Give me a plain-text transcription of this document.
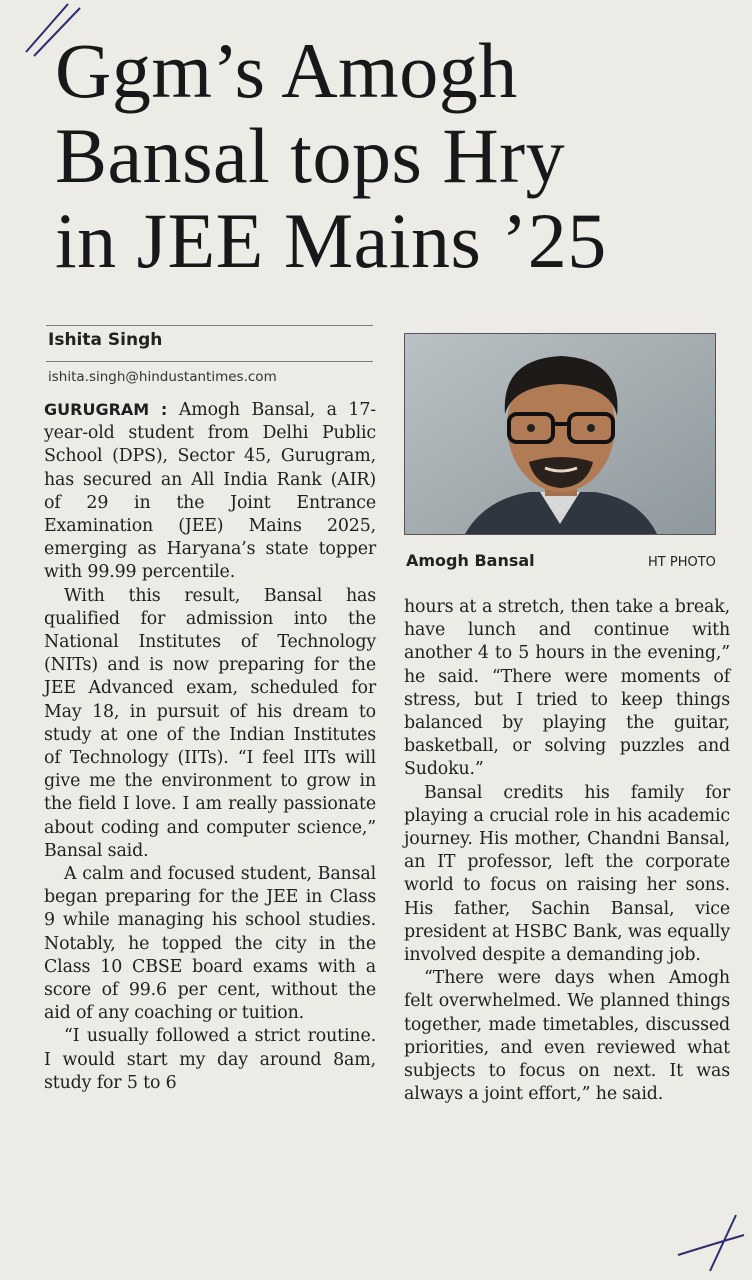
Ggm’s Amogh
Bansal tops Hry
in JEE Mains ’25
Ishita Singh
ishita.singh@hindustantimes.com
Amogh Bansal	HT PHOTO

GURUGRAM : Amogh Bansal, a 17-year-old student from Delhi Public School (DPS), Sector 45, Gurugram, has secured an All India Rank (AIR) of 29 in the Joint Entrance Examination (JEE) Mains 2025, emerging as Haryana’s state topper with 99.99 percentile.

With this result, Bansal has qualified for admission into the National Institutes of Technology (NITs) and is now preparing for the JEE Advanced exam, scheduled for May 18, in pursuit of his dream to study at one of the Indian Institutes of Technology (IITs). “I feel IITs will give me the environment to grow in the field I love. I am really passionate about coding and computer science,” Bansal said.

A calm and focused student, Bansal began preparing for the JEE in Class 9 while managing his school studies. Notably, he topped the city in the Class 10 CBSE board exams with a score of 99.6 per cent, without the aid of any coaching or tuition.

“I usually followed a strict routine. I would start my day around 8am, study for 5 to 6

hours at a stretch, then take a break, have lunch and continue with another 4 to 5 hours in the evening,” he said. “There were moments of stress, but I tried to keep things balanced by playing the guitar, basketball, or solving puzzles and Sudoku.”

Bansal credits his family for playing a crucial role in his academic journey. His mother, Chandni Bansal, an IT professor, left the corporate world to focus on raising her sons. His father, Sachin Bansal, vice president at HSBC Bank, was equally involved despite a demanding job.

“There were days when Amogh felt overwhelmed. We planned things together, made timetables, discussed priorities, and even reviewed what subjects to focus on next. It was always a joint effort,” he said.
